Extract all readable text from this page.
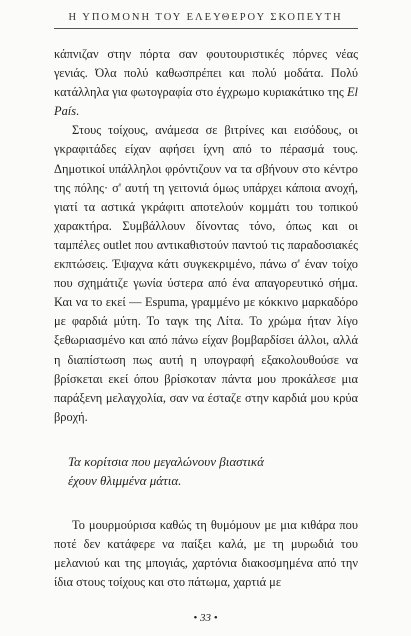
Η ΥΠΟΜΟΝΗ ΤΟΥ ΕΛΕΥΘΕΡΟΥ ΣΚΟΠΕΥΤΗ

κάπνιζαν στην πόρτα σαν φουτουριστικές πόρνες νέας γενιάς. Όλα πολύ καθωσπρέπει και πολύ μοδάτα. Πολύ κατάλληλα για φωτογραφία στο έγχρωμο κυριακάτικο της El País.

Στους τοίχους, ανάμεσα σε βιτρίνες και εισόδους, οι γκραφιτάδες είχαν αφήσει ίχνη από το πέρασμά τους. Δημοτικοί υπάλληλοι φρόντιζουν να τα σβήνουν στο κέντρο της πόλης· σ' αυτή τη γειτονιά όμως υπάρχει κάποια ανοχή, γιατί τα αστικά γκράφιτι αποτελούν κομμάτι του τοπικού χαρακτήρα. Συμβάλλουν δίνοντας τόνο, όπως και οι ταμπέλες outlet που αντικαθιστούν παντού τις παραδοσιακές εκπτώσεις. Έψαχνα κάτι συγκεκριμένο, πάνω σ' έναν τοίχο που σχημάτιζε γωνία ύστερα από ένα απαγορευτικό σήμα. Και να το εκεί — Espuma, γραμμένο με κόκκινο μαρκαδόρο με φαρδιά μύτη. Το ταγκ της Λίτα. Το χρώμα ήταν λίγο ξεθωριασμένο και από πάνω είχαν βομβαρδίσει άλλοι, αλλά η διαπίστωση πως αυτή η υπογραφή εξακολουθούσε να βρίσκεται εκεί όπου βρίσκοταν πάντα μου προκάλεσε μια παράξενη μελαγχολία, σαν να έσταζε στην καρδιά μου κρύα βροχή.

Τα κορίτσια που μεγαλώνουν βιαστικά
έχουν θλιμμένα μάτια.

Το μουρμούρισα καθώς τη θυμόμουν με μια κιθάρα που ποτέ δεν κατάφερε να παίξει καλά, με τη μυρωδιά του μελανιού και της μπογιάς, χαρτόνια διακοσμημένα από την ίδια στους τοίχους και στο πάτωμα, χαρτιά με

• 33 •
